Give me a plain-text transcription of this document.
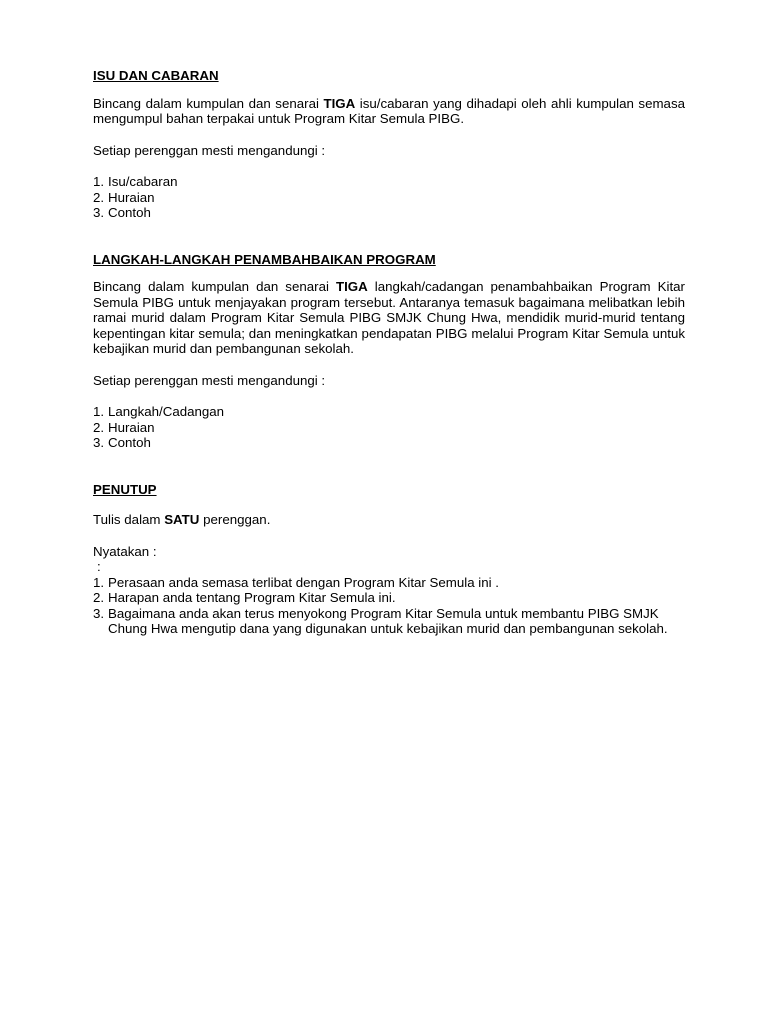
ISU DAN CABARAN

Bincang dalam kumpulan dan senarai TIGA isu/cabaran yang dihadapi oleh ahli kumpulan semasa mengumpul bahan terpakai untuk Program Kitar Semula PIBG.

Setiap perenggan mesti mengandungi :

1. Isu/cabaran
2. Huraian
3. Contoh

LANGKAH-LANGKAH PENAMBAHBAIKAN PROGRAM

Bincang dalam kumpulan dan senarai TIGA langkah/cadangan penambahbaikan Program Kitar Semula PIBG untuk menjayakan program tersebut. Antaranya temasuk bagaimana melibatkan lebih ramai murid dalam Program Kitar Semula PIBG SMJK Chung Hwa, mendidik murid-murid tentang kepentingan kitar semula; dan meningkatkan pendapatan PIBG melalui Program Kitar Semula untuk kebajikan murid dan pembangunan sekolah.

Setiap perenggan mesti mengandungi :

1. Langkah/Cadangan
2. Huraian
3. Contoh

PENUTUP

Tulis dalam SATU perenggan.

Nyatakan :

:

1. Perasaan anda semasa terlibat dengan Program Kitar Semula ini .
2. Harapan anda tentang Program Kitar Semula ini.
3. Bagaimana anda akan terus menyokong Program Kitar Semula untuk membantu PIBG SMJK Chung Hwa mengutip dana yang digunakan untuk kebajikan murid dan pembangunan sekolah.
